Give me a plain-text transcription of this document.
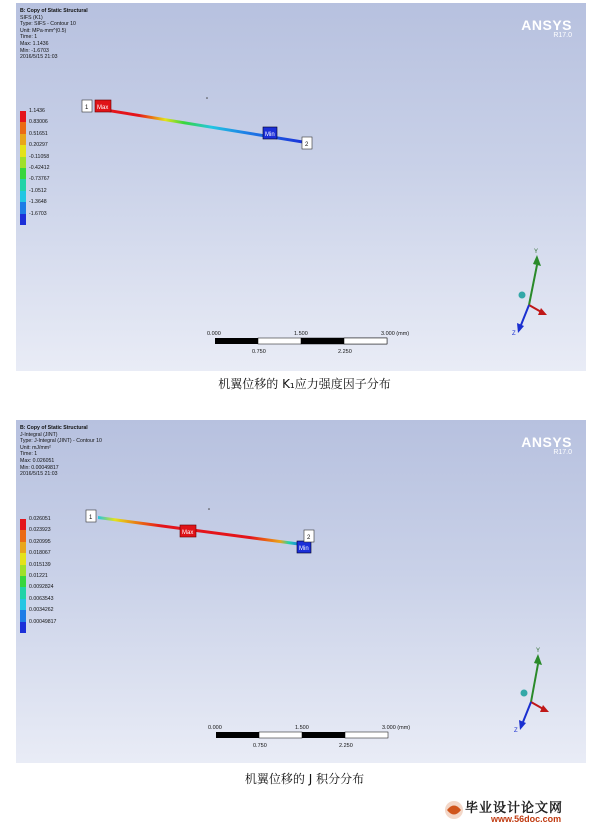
B: Copy of Static Structural
SIFS (K1)
Type: SIFS - Contour 10
Unit: MPa·mm^(0.5)
Time: 1
Max: 1.1436
Min: -1.6703
2016/5/15 21:03
1.1436
0.83006
0.51651
0.20297
-0.11058
-0.42412
-0.73767
-1.0512
-1.3648
-1.6703
ANSYS
R17.0
Max
Min
1
2
0.000	1.500	3.000 (mm)
0.750	2.250
Y
Z
机翼位移的 K₁应力强度因子分布
B: Copy of Static Structural
J-Integral (JINT)
Type: J-Integral (JINT) - Contour 10
Unit: mJ/mm²
Time: 1
Max: 0.026051
Min: 0.00049817
2016/5/15 21:03
0.026051
0.023923
0.020995
0.018067
0.015139
0.01221
0.0092824
0.0063543
0.0034262
0.00049817
ANSYS
R17.0
Max
Min
1
2
0.000	1.500	3.000 (mm)
0.750	2.250
Y
Z
机翼位移的 J 积分分布
毕业设计论文网
www.56doc.com
